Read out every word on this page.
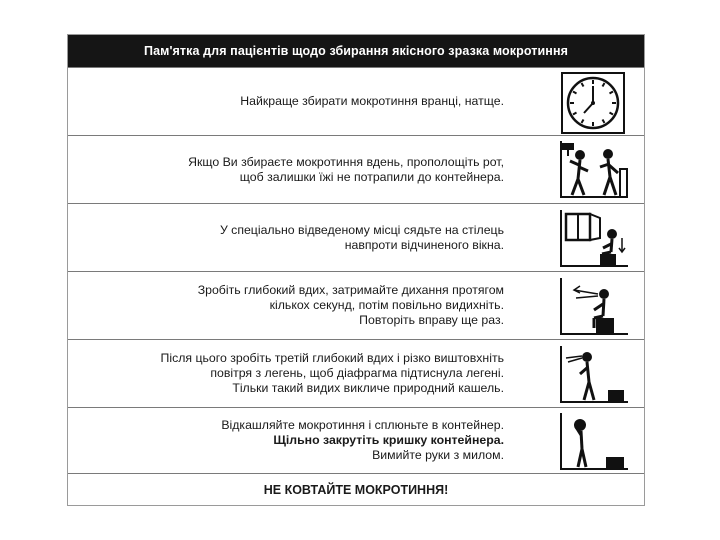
Пам'ятка для пацієнтів щодо збирання якісного зразка мокротиння
Найкраще збирати мокротиння вранці, натще.
Якщо Ви збираєте мокротиння вдень, прополощіть рот,
щоб залишки їжі не потрапили до контейнера.
У спеціально відведеному місці сядьте на стілець
навпроти відчиненого вікна.
Зробіть глибокий вдих, затримайте дихання протягом
кількох секунд, потім повільно видихніть.
Повторіть вправу ще раз.
Після цього зробіть третій глибокий вдих і різко виштовхніть
повітря з легень, щоб діафрагма підтиснула легені.
Тільки такий видих викличе природний кашель.
Відкашляйте мокротиння і сплюньте в контейнер.
Щільно закрутіть кришку контейнера.
Вимийте руки з милом.
НЕ КОВТАЙТЕ МОКРОТИННЯ!
